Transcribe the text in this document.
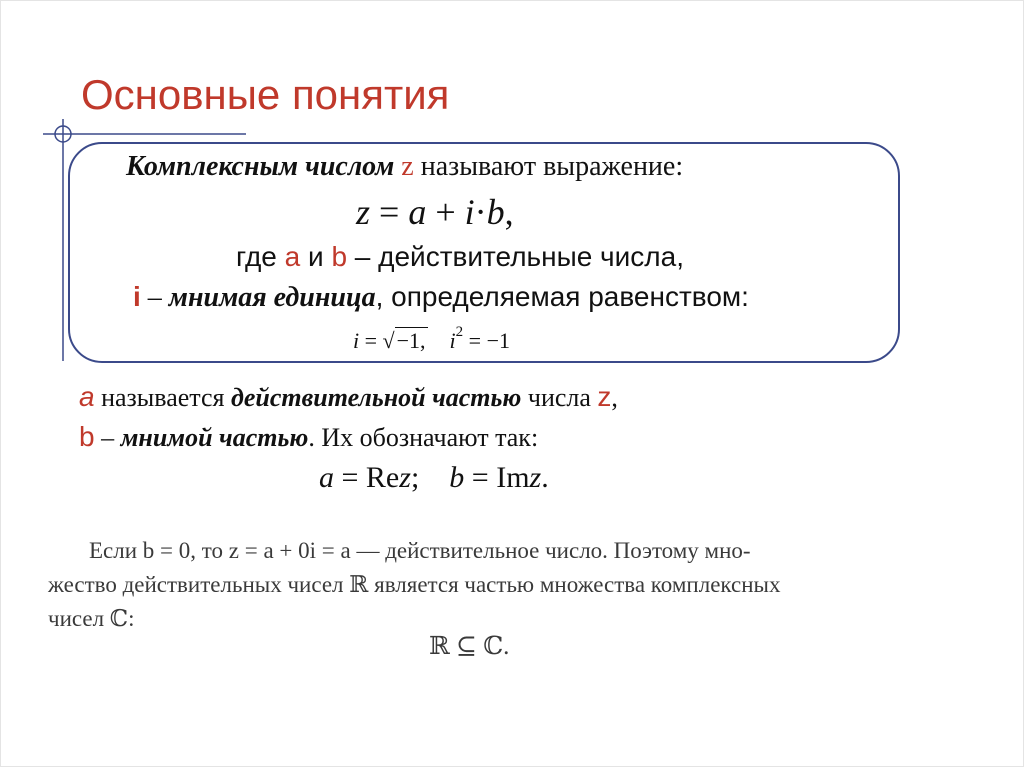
Основные понятия
Комплексным числом z называют выражение:
z = a + i·b,
где a и b – действительные числа,
i – мнимая единица, определяемая равенством:
i = √−1, $i^2 = -1$
a называется действительной частью числа z,
b – мнимой частью. Их обозначают так:
a = Rez; b = Imz.
Если b = 0, то z = a + 0i = a — действительное число. Поэтому мно-
жество действительных чисел ℝ является частью множества комплексных
чисел ℂ:
ℝ ⊆ ℂ.
